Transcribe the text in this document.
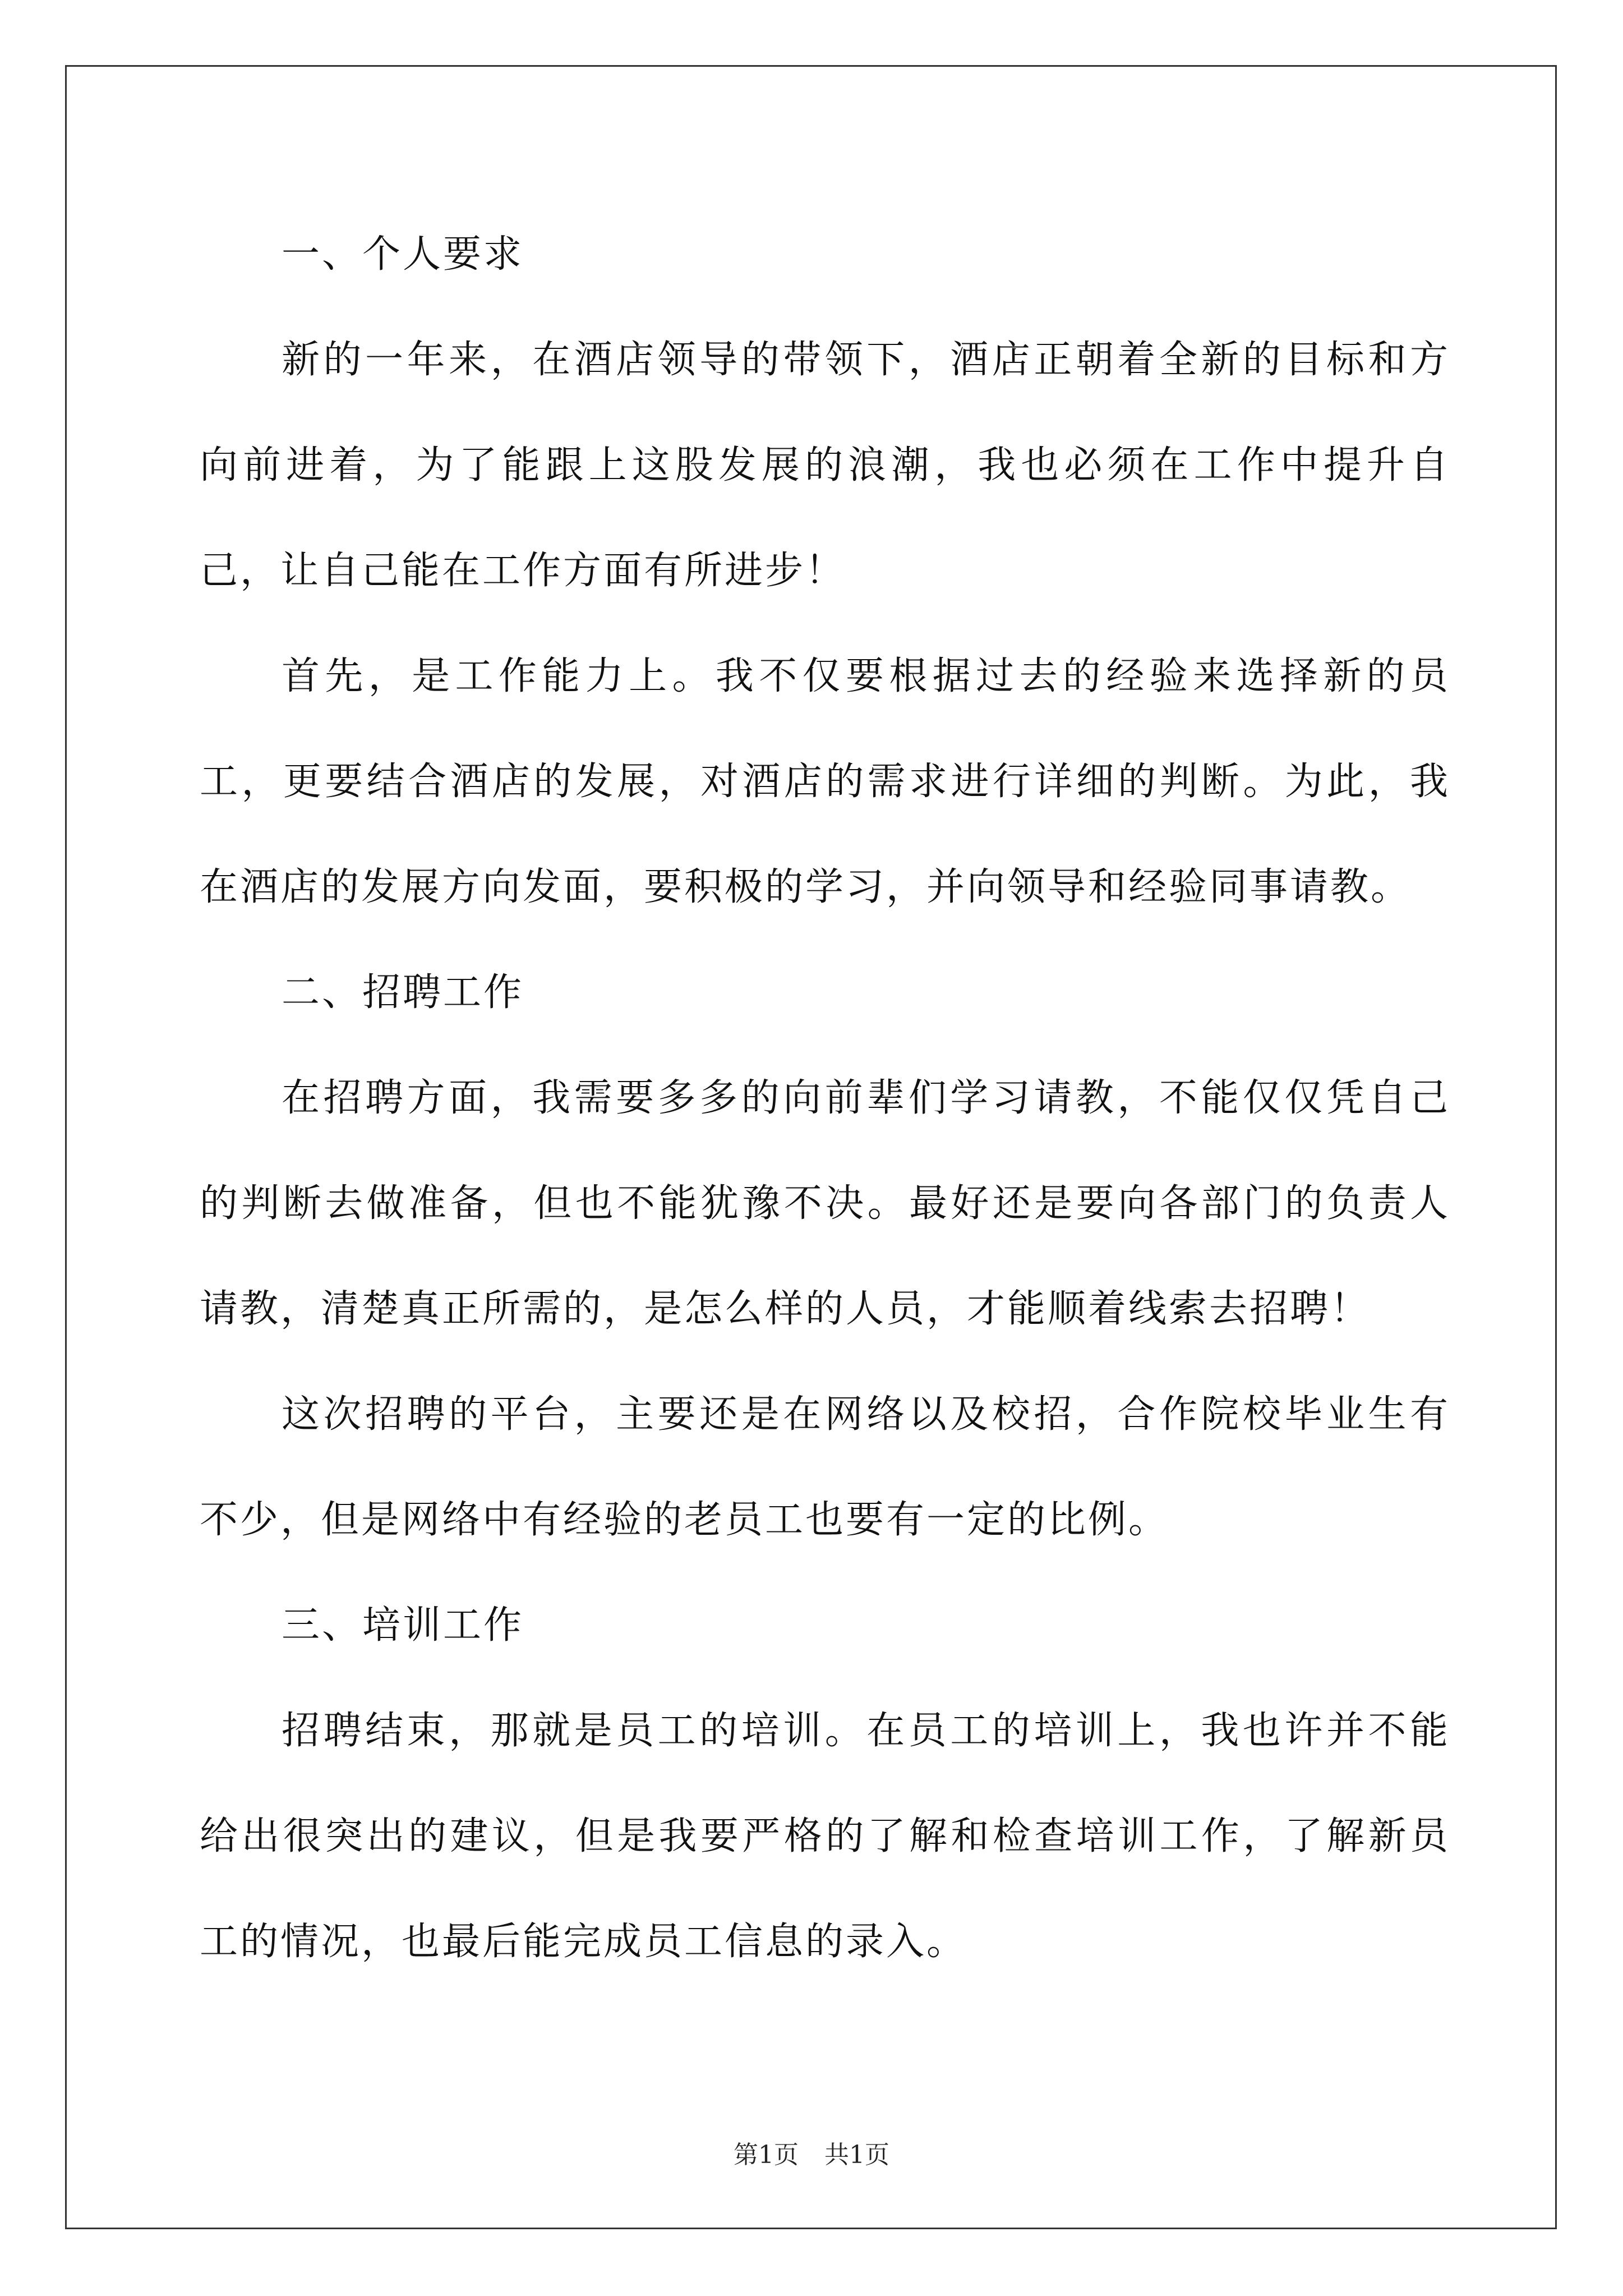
一、个人要求

新的一年来，在酒店领导的带领下，酒店正朝着全新的目标和方向前进着，为了能跟上这股发展的浪潮，我也必须在工作中提升自己，让自己能在工作方面有所进步！

首先，是工作能力上。我不仅要根据过去的经验来选择新的员工，更要结合酒店的发展，对酒店的需求进行详细的判断。为此，我在酒店的发展方向发面，要积极的学习，并向领导和经验同事请教。

二、招聘工作

在招聘方面，我需要多多的向前辈们学习请教，不能仅仅凭自己的判断去做准备，但也不能犹豫不决。最好还是要向各部门的负责人请教，清楚真正所需的，是怎么样的人员，才能顺着线索去招聘！

这次招聘的平台，主要还是在网络以及校招，合作院校毕业生有不少，但是网络中有经验的老员工也要有一定的比例。

三、培训工作

招聘结束，那就是员工的培训。在员工的培训上，我也许并不能给出很突出的建议，但是我要严格的了解和检查培训工作，了解新员工的情况，也最后能完成员工信息的录入。

第1页 共1页
